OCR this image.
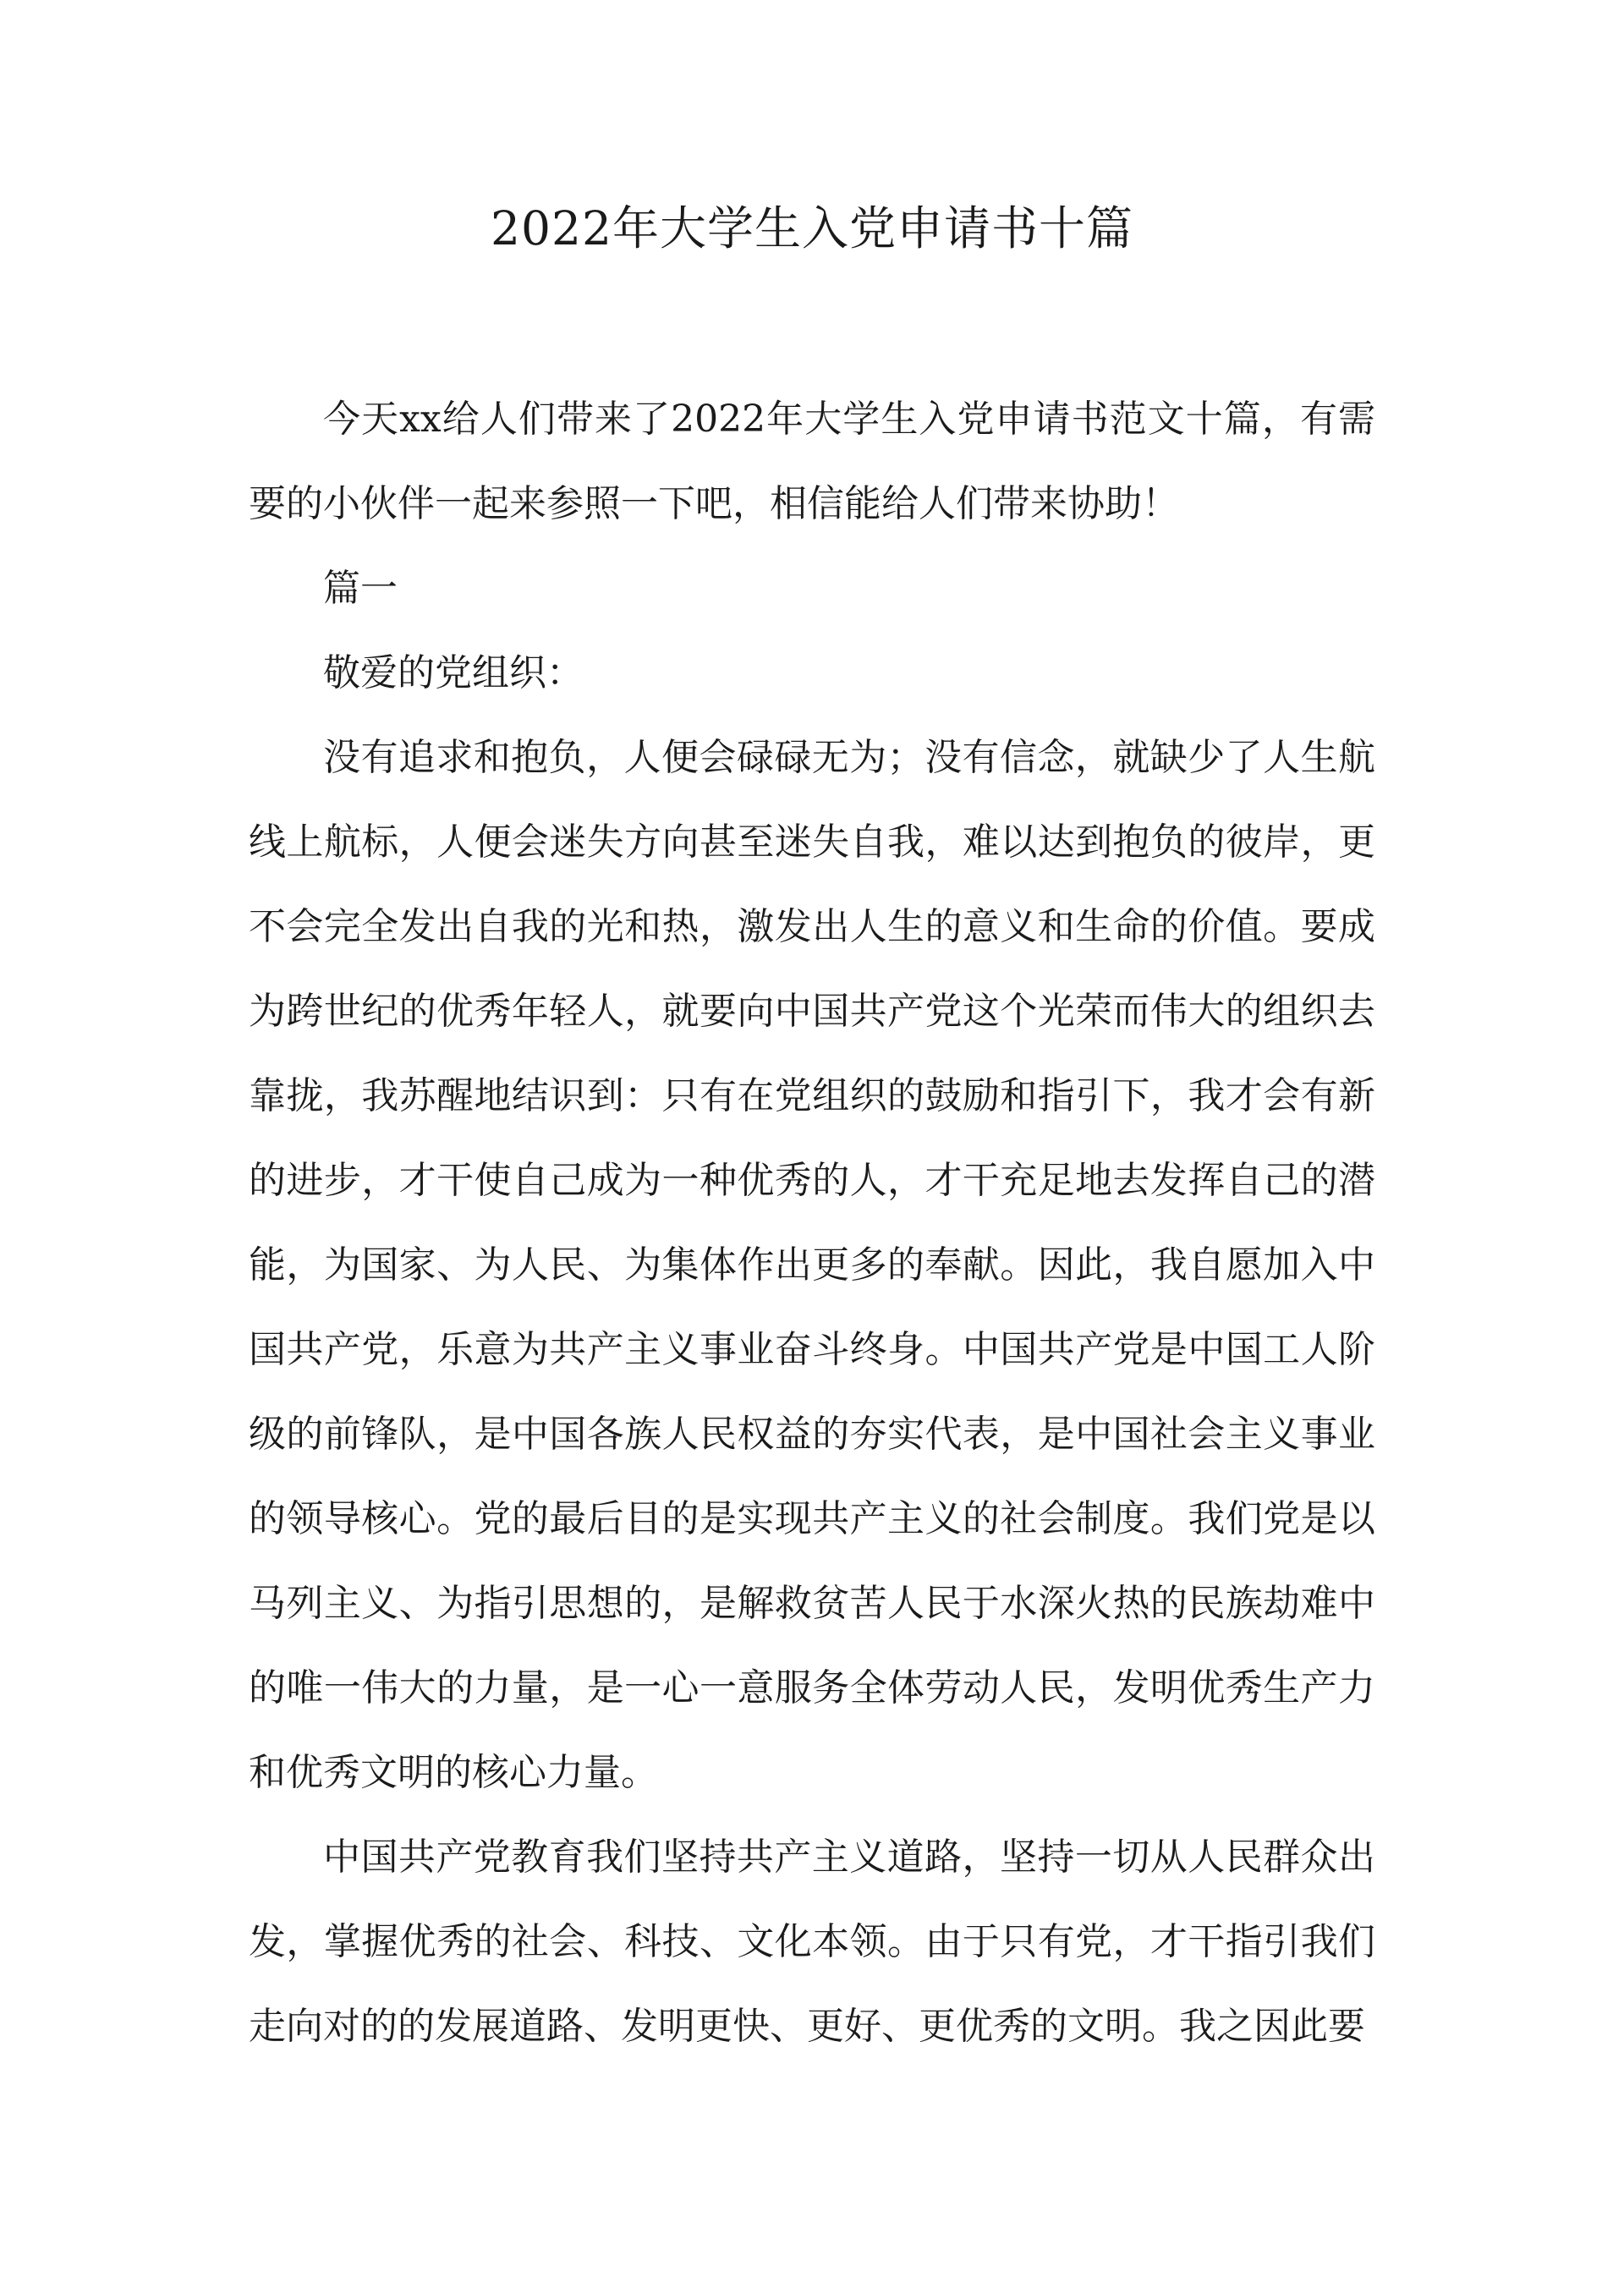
2022年大学生入党申请书十篇

今天xx给人们带来了2022年大学生入党申请书范文十篇，有需要的小伙伴一起来参照一下吧，相信能给人们带来协助！

篇一

敬爱的党组织：

没有追求和抱负，人便会碌碌无为；没有信念，就缺少了人生航线上航标，人便会迷失方向甚至迷失自我，难以达到抱负的彼岸，更不会完全发出自我的光和热，激发出人生的意义和生命的价值。要成为跨世纪的优秀年轻人，就要向中国共产党这个光荣而伟大的组织去靠拢，我苏醒地结识到：只有在党组织的鼓励和指引下，我才会有新的进步，才干使自己成为一种优秀的人，才干充足地去发挥自己的潜能，为国家、为人民、为集体作出更多的奉献。因此，我自愿加入中国共产党，乐意为共产主义事业奋斗终身。中国共产党是中国工人阶级的前锋队，是中国各族人民权益的夯实代表，是中国社会主义事业的领导核心。党的最后目的是实现共产主义的社会制度。我们党是以马列主义、为指引思想的，是解救贫苦人民于水深火热的民族劫难中的唯一伟大的力量，是一心一意服务全体劳动人民，发明优秀生产力和优秀文明的核心力量。

中国共产党教育我们坚持共产主义道路，坚持一切从人民群众出发，掌握优秀的社会、科技、文化本领。由于只有党，才干指引我们走向对的的发展道路、发明更快、更好、更优秀的文明。我之因此要
